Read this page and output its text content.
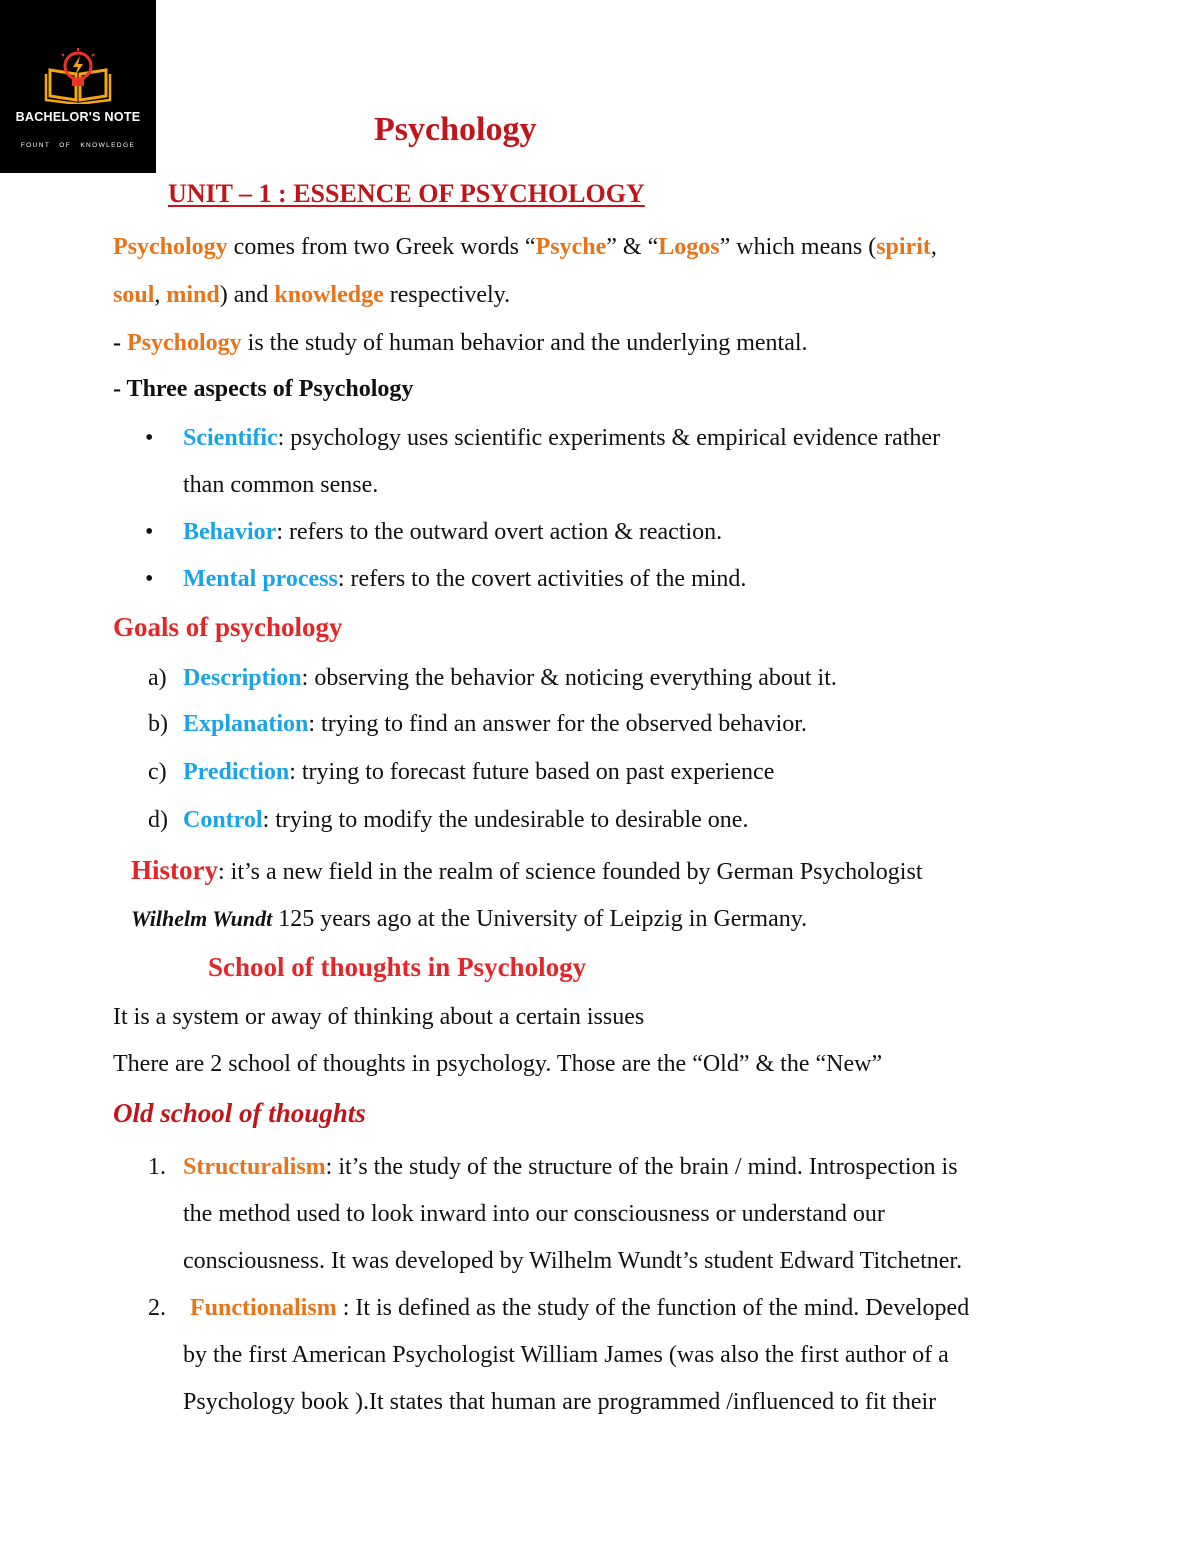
BACHELOR'S NOTE
FOUNT OF KNOWLEDGE	Psychology
UNIT – 1 : ESSENCE OF PSYCHOLOGY
Psychology comes from two Greek words “Psyche” & “Logos” which means (spirit,
soul, mind) and knowledge respectively.
- Psychology is the study of human behavior and the underlying mental.
- Three aspects of Psychology
• Scientific: psychology uses scientific experiments & empirical evidence rather
than common sense.
• Behavior: refers to the outward overt action & reaction.
• Mental process: refers to the covert activities of the mind.
Goals of psychology
a) Description: observing the behavior & noticing everything about it.
b) Explanation: trying to find an answer for the observed behavior.
c) Prediction: trying to forecast future based on past experience
d) Control: trying to modify the undesirable to desirable one.
History: it’s a new field in the realm of science founded by German Psychologist
Wilhelm Wundt 125 years ago at the University of Leipzig in Germany.
School of thoughts in Psychology
It is a system or away of thinking about a certain issues
There are 2 school of thoughts in psychology. Those are the “Old” & the “New”
Old school of thoughts
1. Structuralism: it’s the study of the structure of the brain / mind. Introspection is
the method used to look inward into our consciousness or understand our
consciousness. It was developed by Wilhelm Wundt’s student Edward Titchetner.
2. Functionalism : It is defined as the study of the function of the mind. Developed
by the first American Psychologist William James (was also the first author of a
Psychology book ).It states that human are programmed /influenced to fit their
